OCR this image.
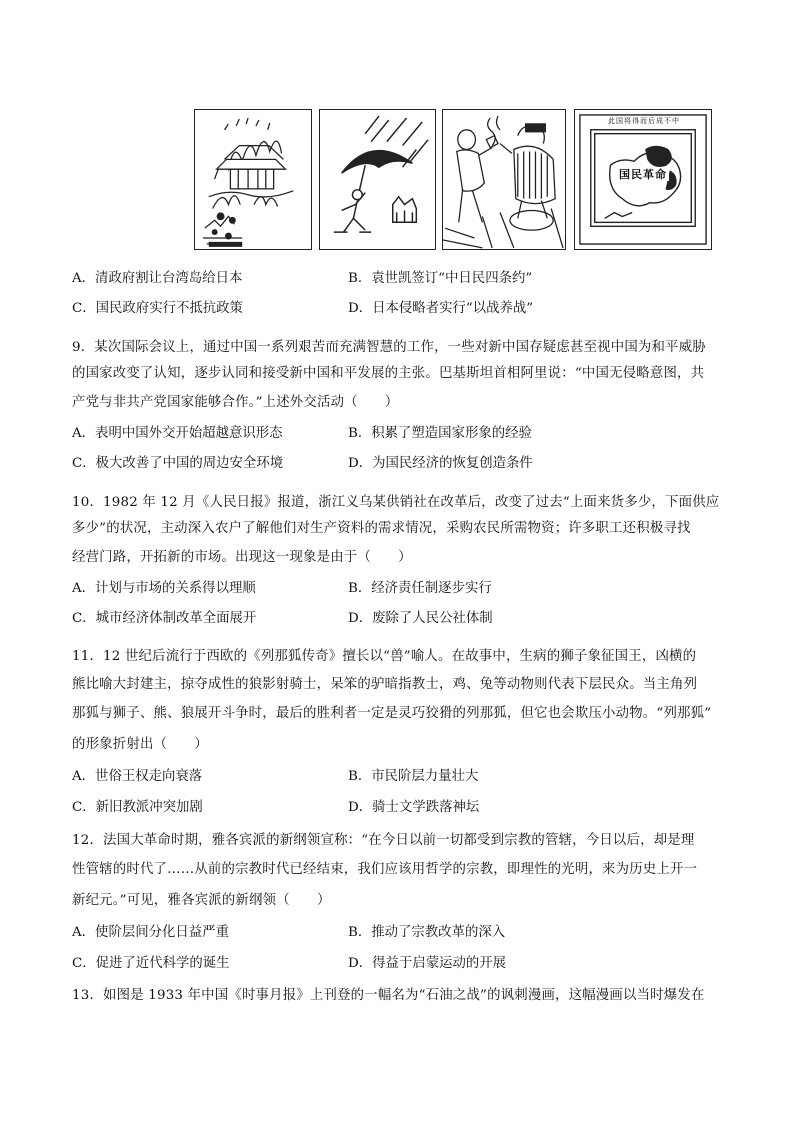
此国将得而后成不中
国民革命
A．清政府割让台湾岛给日本	B．袁世凯签订“中日民四条约”
C．国民政府实行不抵抗政策	D．日本侵略者实行“以战养战”
9．某次国际会议上，通过中国一系列艰苦而充满智慧的工作，一些对新中国存疑虑甚至视中国为和平威胁
的国家改变了认知，逐步认同和接受新中国和平发展的主张。巴基斯坦首相阿里说：“中国无侵略意图，共
产党与非共产党国家能够合作。”上述外交活动（　　）
A．表明中国外交开始超越意识形态	B．积累了塑造国家形象的经验
C．极大改善了中国的周边安全环境	D．为国民经济的恢复创造条件
10．1982 年 12 月《人民日报》报道，浙江义乌某供销社在改革后，改变了过去“上面来货多少，下面供应
多少”的状况，主动深入农户了解他们对生产资料的需求情况，采购农民所需物资；许多职工还积极寻找
经营门路，开拓新的市场。出现这一现象是由于（　　）
A．计划与市场的关系得以理顺	B．经济责任制逐步实行
C．城市经济体制改革全面展开	D．废除了人民公社体制
11．12 世纪后流行于西欧的《列那狐传奇》擅长以“兽”喻人。在故事中，生病的狮子象征国王，凶横的
熊比喻大封建主，掠夺成性的狼影射骑士，呆笨的驴暗指教士，鸡、兔等动物则代表下层民众。当主角列
那狐与狮子、熊、狼展开斗争时，最后的胜利者一定是灵巧狡猾的列那狐，但它也会欺压小动物。“列那狐”
的形象折射出（　　）
A．世俗王权走向衰落	B．市民阶层力量壮大
C．新旧教派冲突加剧	D．骑士文学跌落神坛
12．法国大革命时期，雅各宾派的新纲领宣称：“在今日以前一切都受到宗教的管辖，今日以后，却是理
性管辖的时代了……从前的宗教时代已经结束，我们应该用哲学的宗教，即理性的光明，来为历史上开一
新纪元。”可见，雅各宾派的新纲领（　　）
A．使阶层间分化日益严重	B．推动了宗教改革的深入
C．促进了近代科学的诞生	D．得益于启蒙运动的开展
13．如图是 1933 年中国《时事月报》上刊登的一幅名为“石油之战”的讽刺漫画，这幅漫画以当时爆发在
